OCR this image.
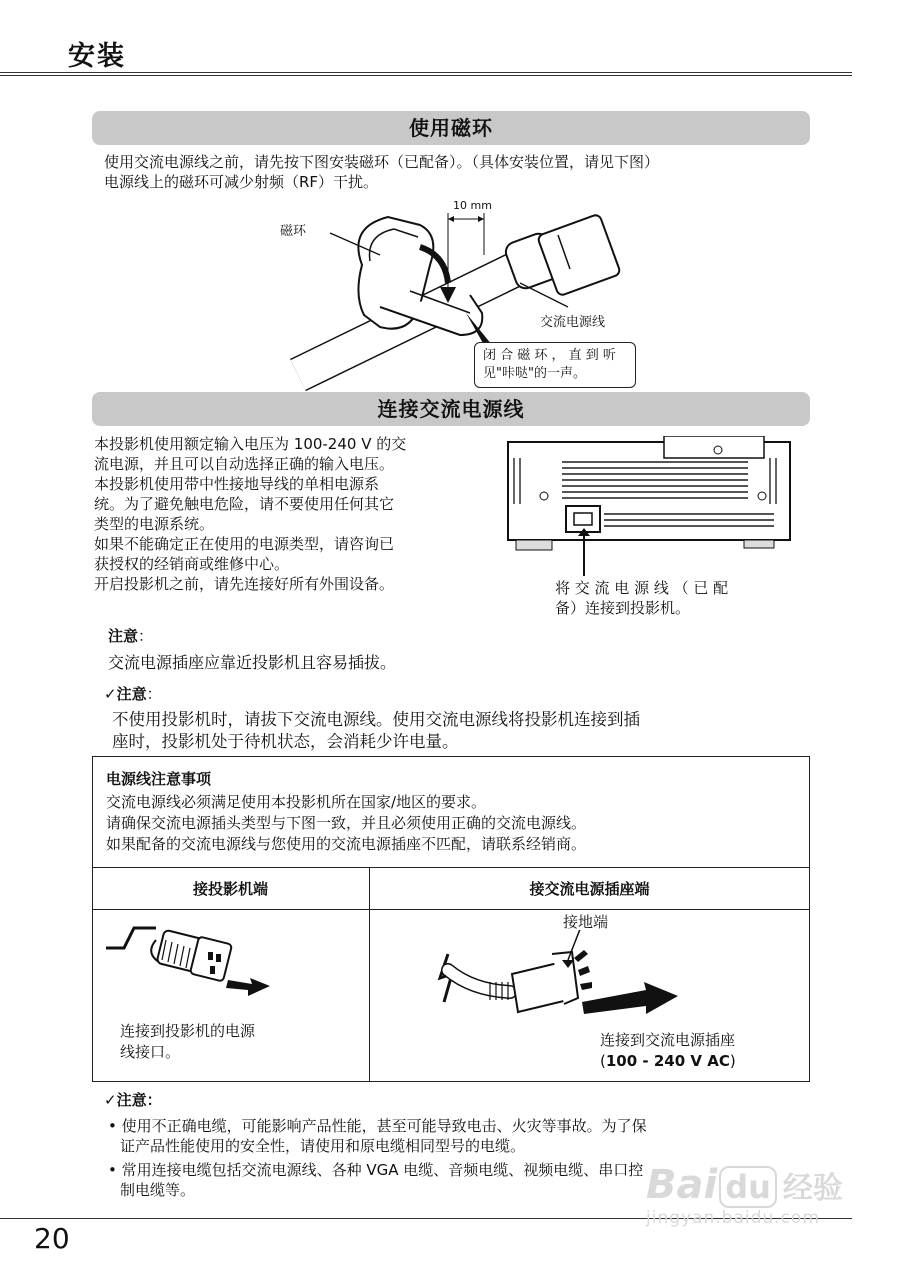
安装
使用磁环
使用交流电源线之前，请先按下图安装磁环（已配备）。（具体安装位置，请见下图）
电源线上的磁环可减少射频（RF）干扰。
磁环
10 mm
交流电源线
闭 合 磁 环 ， 直 到 听
见"咔哒"的一声。
连接交流电源线
本投影机使用额定输入电压为 100-240 V 的交
流电源，并且可以自动选择正确的输入电压。
本投影机使用带中性接地导线的单相电源系
统。为了避免触电危险，请不要使用任何其它
类型的电源系统。
如果不能确定正在使用的电源类型，请咨询已
获授权的经销商或维修中心。
开启投影机之前，请先连接好所有外围设备。	将 交 流 电 源 线 （ 已 配
备）连接到投影机。
注意：
交流电源插座应靠近投影机且容易插拔。
✓注意：
不使用投影机时，请拔下交流电源线。使用交流电源线将投影机连接到插
座时，投影机处于待机状态，会消耗少许电量。
电源线注意事项
交流电源线必须满足使用本投影机所在国家/地区的要求。
请确保交流电源插头类型与下图一致，并且必须使用正确的交流电源线。
如果配备的交流电源线与您使用的交流电源插座不匹配，请联系经销商。
接投影机端	接交流电源插座端
连接到投影机的电源
线接口。
接地端
连接到交流电源插座
(100 - 240 V AC)
✓注意：
• 使用不正确电缆，可能影响产品性能，甚至可能导致电击、火灾等事故。为了保
证产品性能使用的安全性，请使用和原电缆相同型号的电缆。
• 常用连接电缆包括交流电源线、各种 VGA 电缆、音频电缆、视频电缆、串口控
制电缆等。
20
Bai du 经验
jingyan.baidu.com
